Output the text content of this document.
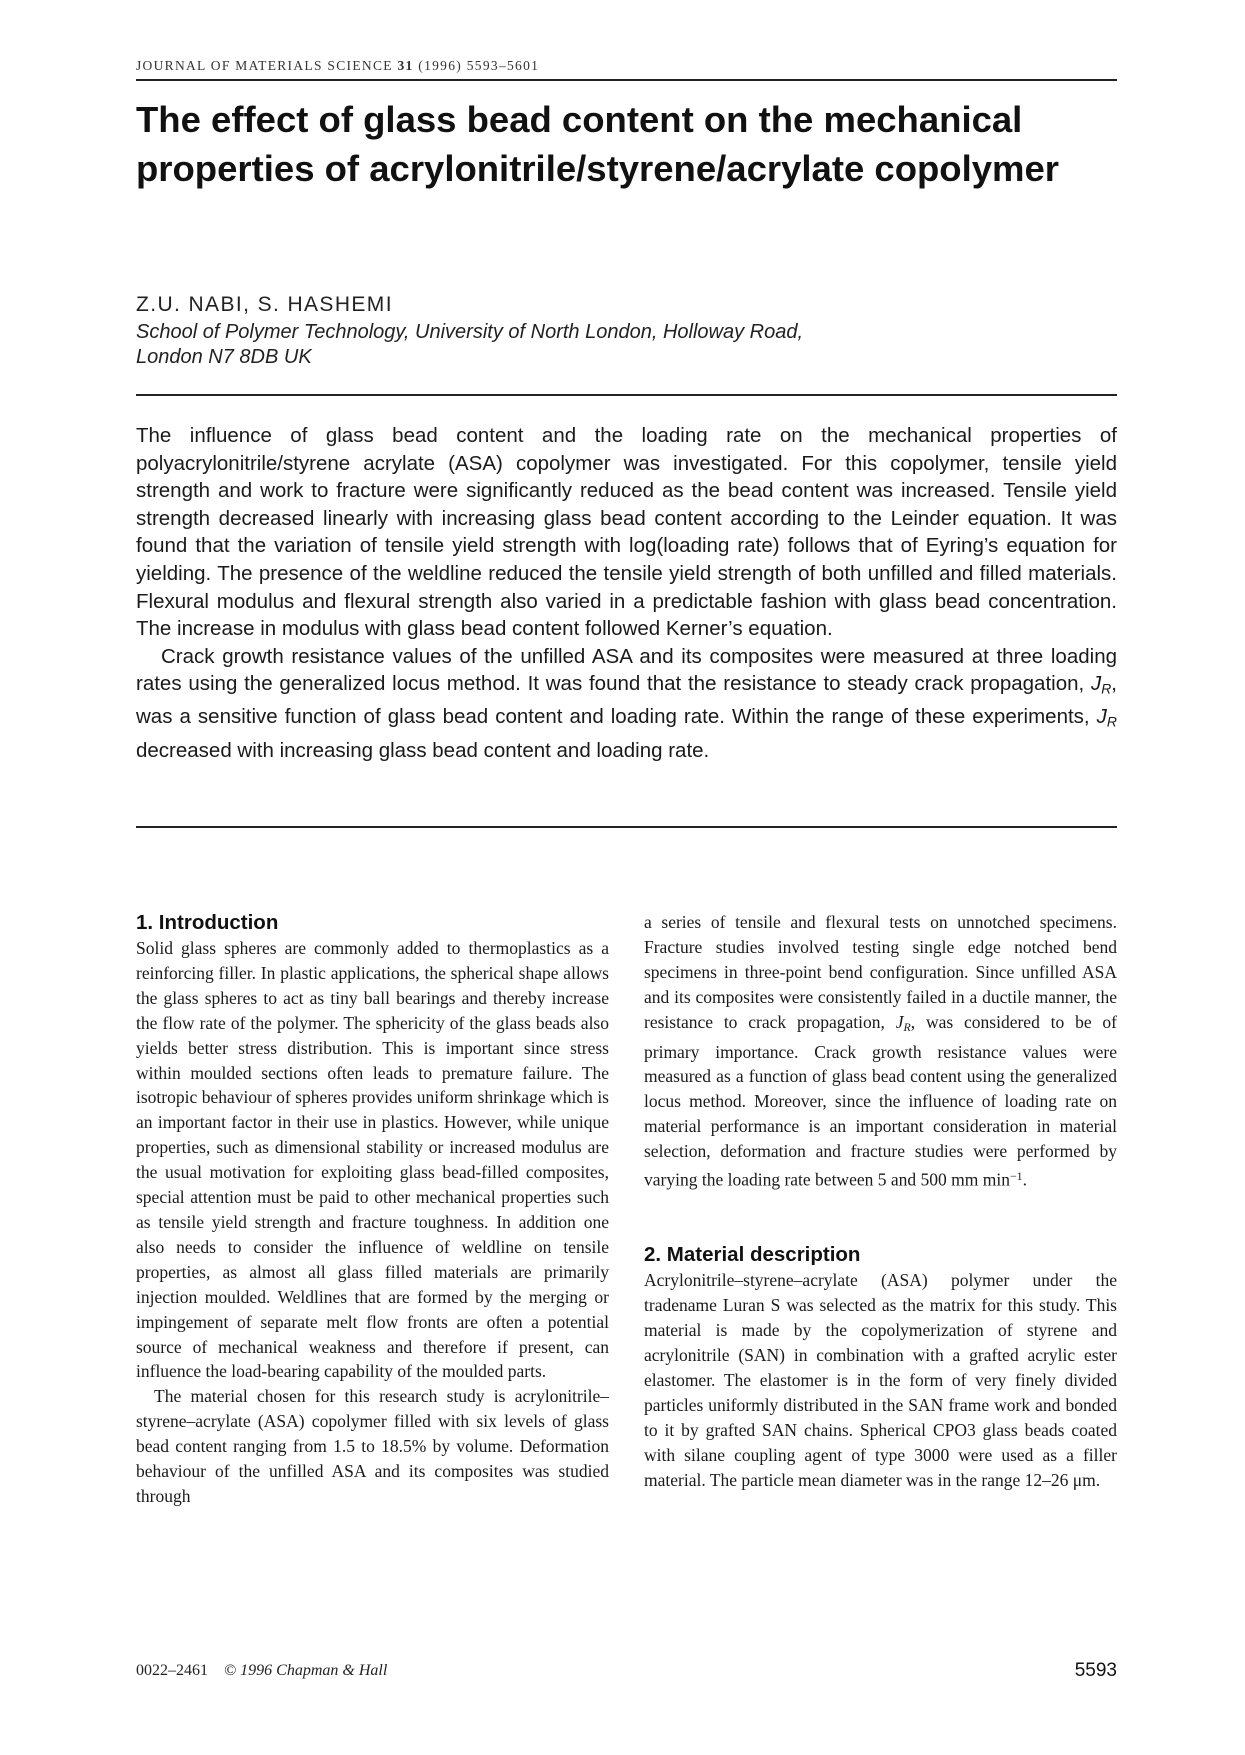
JOURNAL OF MATERIALS SCIENCE 31 (1996) 5593–5601
The effect of glass bead content on the mechanical properties of acrylonitrile/styrene/acrylate copolymer
Z.U. NABI, S. HASHEMI
School of Polymer Technology, University of North London, Holloway Road,
London N7 8DB UK

The influence of glass bead content and the loading rate on the mechanical properties of polyacrylonitrile/styrene acrylate (ASA) copolymer was investigated. For this copolymer, tensile yield strength and work to fracture were significantly reduced as the bead content was increased. Tensile yield strength decreased linearly with increasing glass bead content according to the Leinder equation. It was found that the variation of tensile yield strength with log(loading rate) follows that of Eyring’s equation for yielding. The presence of the weldline reduced the tensile yield strength of both unfilled and filled materials. Flexural modulus and flexural strength also varied in a predictable fashion with glass bead concentration. The increase in modulus with glass bead content followed Kerner’s equation.

Crack growth resistance values of the unfilled ASA and its composites were measured at three loading rates using the generalized locus method. It was found that the resistance to steady crack propagation, $J_R$, was a sensitive function of glass bead content and loading rate. Within the range of these experiments, $J_R$ decreased with increasing glass bead content and loading rate.

1. Introduction

Solid glass spheres are commonly added to thermoplastics as a reinforcing filler. In plastic applications, the spherical shape allows the glass spheres to act as tiny ball bearings and thereby increase the flow rate of the polymer. The sphericity of the glass beads also yields better stress distribution. This is important since stress within moulded sections often leads to premature failure. The isotropic behaviour of spheres provides uniform shrinkage which is an important factor in their use in plastics. However, while unique properties, such as dimensional stability or increased modulus are the usual motivation for exploiting glass bead-filled composites, special attention must be paid to other mechanical properties such as tensile yield strength and fracture toughness. In addition one also needs to consider the influence of weldline on tensile properties, as almost all glass filled materials are primarily injection moulded. Weldlines that are formed by the merging or impingement of separate melt flow fronts are often a potential source of mechanical weakness and therefore if present, can influence the load-bearing capability of the moulded parts.

The material chosen for this research study is acrylonitrile–styrene–acrylate (ASA) copolymer filled with six levels of glass bead content ranging from 1.5 to 18.5% by volume. Deformation behaviour of the unfilled ASA and its composites was studied through

a series of tensile and flexural tests on unnotched specimens. Fracture studies involved testing single edge notched bend specimens in three-point bend configuration. Since unfilled ASA and its composites were consistently failed in a ductile manner, the resistance to crack propagation, $J_R$, was considered to be of primary importance. Crack growth resistance values were measured as a function of glass bead content using the generalized locus method. Moreover, since the influence of loading rate on material performance is an important consideration in material selection, deformation and fracture studies were performed by varying the loading rate between 5 and 500 mm $\min^{-1}$.

2. Material description

Acrylonitrile–styrene–acrylate (ASA) polymer under the tradename Luran S was selected as the matrix for this study. This material is made by the copolymerization of styrene and acrylonitrile (SAN) in combination with a grafted acrylic ester elastomer. The elastomer is in the form of very finely divided particles uniformly distributed in the SAN frame work and bonded to it by grafted SAN chains. Spherical CPO3 glass beads coated with silane coupling agent of type 3000 were used as a filler material. The particle mean diameter was in the range 12–26 μm.

0022–2461 © 1996 Chapman & Hall	5593
